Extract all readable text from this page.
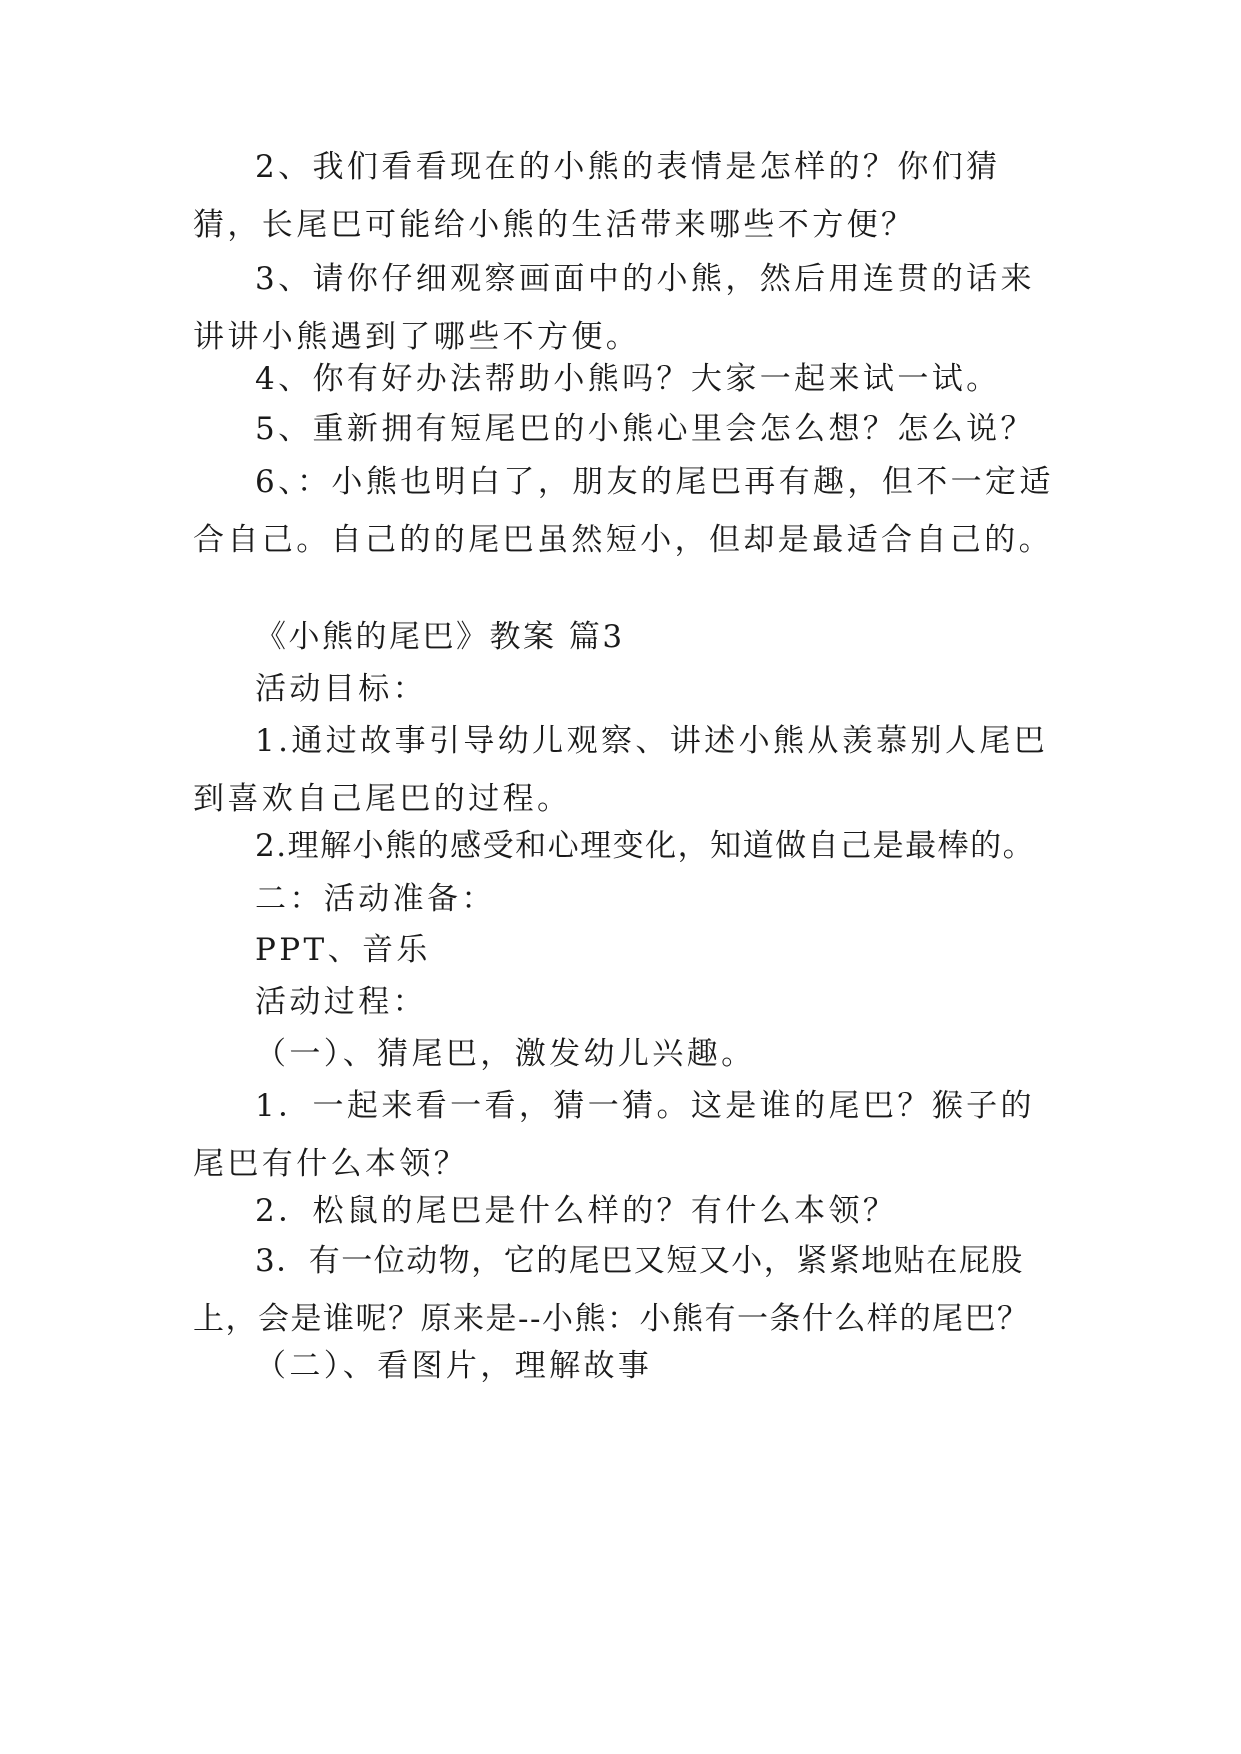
2、我们看看现在的小熊的表情是怎样的？你们猜猜，长尾巴可能给小熊的生活带来哪些不方便？

3、请你仔细观察画面中的小熊，然后用连贯的话来讲讲小熊遇到了哪些不方便。

4、你有好办法帮助小熊吗？大家一起来试一试。

5、重新拥有短尾巴的小熊心里会怎么想？怎么说？

6、：小熊也明白了，朋友的尾巴再有趣，但不一定适合自己。自己的的尾巴虽然短小，但却是最适合自己的。

《小熊的尾巴》教案 篇3

活动目标：

1.通过故事引导幼儿观察、讲述小熊从羡慕别人尾巴到喜欢自己尾巴的过程。

2.理解小熊的感受和心理变化，知道做自己是最棒的。

二：活动准备：

PPT、音乐

活动过程：

（一）、猜尾巴，激发幼儿兴趣。

1．一起来看一看，猜一猜。这是谁的尾巴？猴子的尾巴有什么本领？

2．松鼠的尾巴是什么样的？有什么本领？

3．有一位动物，它的尾巴又短又小，紧紧地贴在屁股上，会是谁呢？原来是--小熊：小熊有一条什么样的尾巴？

（二）、看图片，理解故事
